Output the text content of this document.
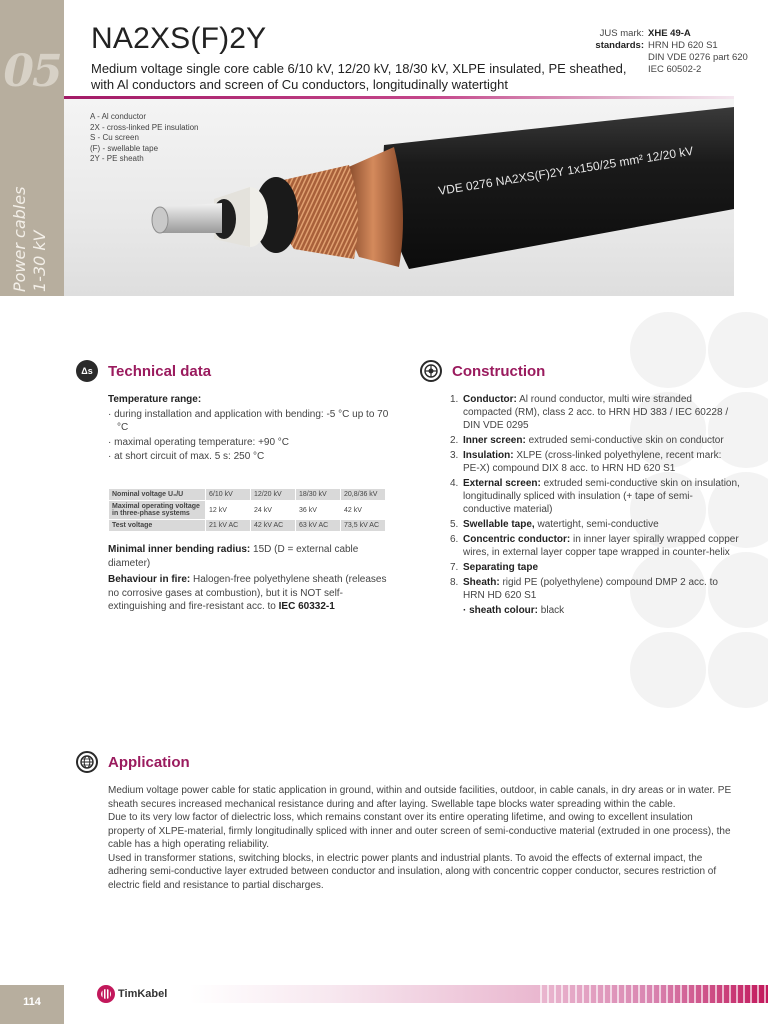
05
Power cables 1-30 kV
NA2XS(F)2Y
Medium voltage single core cable 6/10 kV, 12/20 kV, 18/30 kV, XLPE insulated, PE sheathed, with Al conductors and screen of Cu conductors, longitudinally watertight
JUS mark: XHE 49-A
standards: HRN HD 620 S1
DIN VDE 0276 part 620
IEC 60502-2
VDE 0276 NA2XS(F)2Y 1x150/25 mm² 12/20 kV
A - Al conductor
2X - cross-linked PE insulation
S - Cu screen
(F) - swellable tape
2Y - PE sheath
Δs	Technical data

Temperature range:

· during installation and application with bending: -5 °C up to 70 °C

· maximal operating temperature: +90 °C

· at short circuit of max. 5 s: 250 °C

Nominal voltage U₀/U	6/10 kV	12/20 kV	18/30 kV	20,8/36 kV
Maximal operating voltage in three-phase systems	12 kV	24 kV	36 kV	42 kV
Test voltage	21 kV AC	42 kV AC	63 kV AC	73,5 kV AC

Minimal inner bending radius: 15D (D = external cable diameter)

Behaviour in fire: Halogen-free polyethylene sheath (releases no corrosive gases at combustion), but it is NOT self-extinguishing and fire-resistant acc. to IEC 60332-1

Construction
1. Conductor: Al round conductor, multi wire stranded compacted (RM), class 2 acc. to HRN HD 383 / IEC 60228 / DIN VDE 0295
2. Inner screen: extruded semi-conductive skin on conductor
3. Insulation: XLPE (cross-linked polyethylene, recent mark: PE-X) compound DIX 8 acc. to HRN HD 620 S1
4. External screen: extruded semi-conductive skin on insulation, longitudinally spliced with insulation (+ tape of semi-conductive material)
5. Swellable tape, watertight, semi-conductive
6. Concentric conductor: in inner layer spirally wrapped copper wires, in external layer copper tape wrapped in counter-helix
7. Separating tape
8. Sheath: rigid PE (polyethylene) compound DMP 2 acc. to HRN HD 620 S1
· sheath colour: black
Application

Medium voltage power cable for static application in ground, within and outside facilities, outdoor, in cable canals, in dry areas or in water. PE sheath secures increased mechanical resistance during and after laying. Swellable tape blocks water spreading within the cable.

Due to its very low factor of dielectric loss, which remains constant over its entire operating lifetime, and owing to excellent insulation property of XLPE-material, firmly longitudinally spliced with inner and outer screen of semi-conductive material (extruded in one process), the cable has a high operating reliability.

Used in transformer stations, switching blocks, in electric power plants and industrial plants. To avoid the effects of external impact, the adhering semi-conductive layer extruded between conductor and insulation, along with concentric copper conductor, secures restriction of electric field and resistance to partial discharges.

114
TimKabel
